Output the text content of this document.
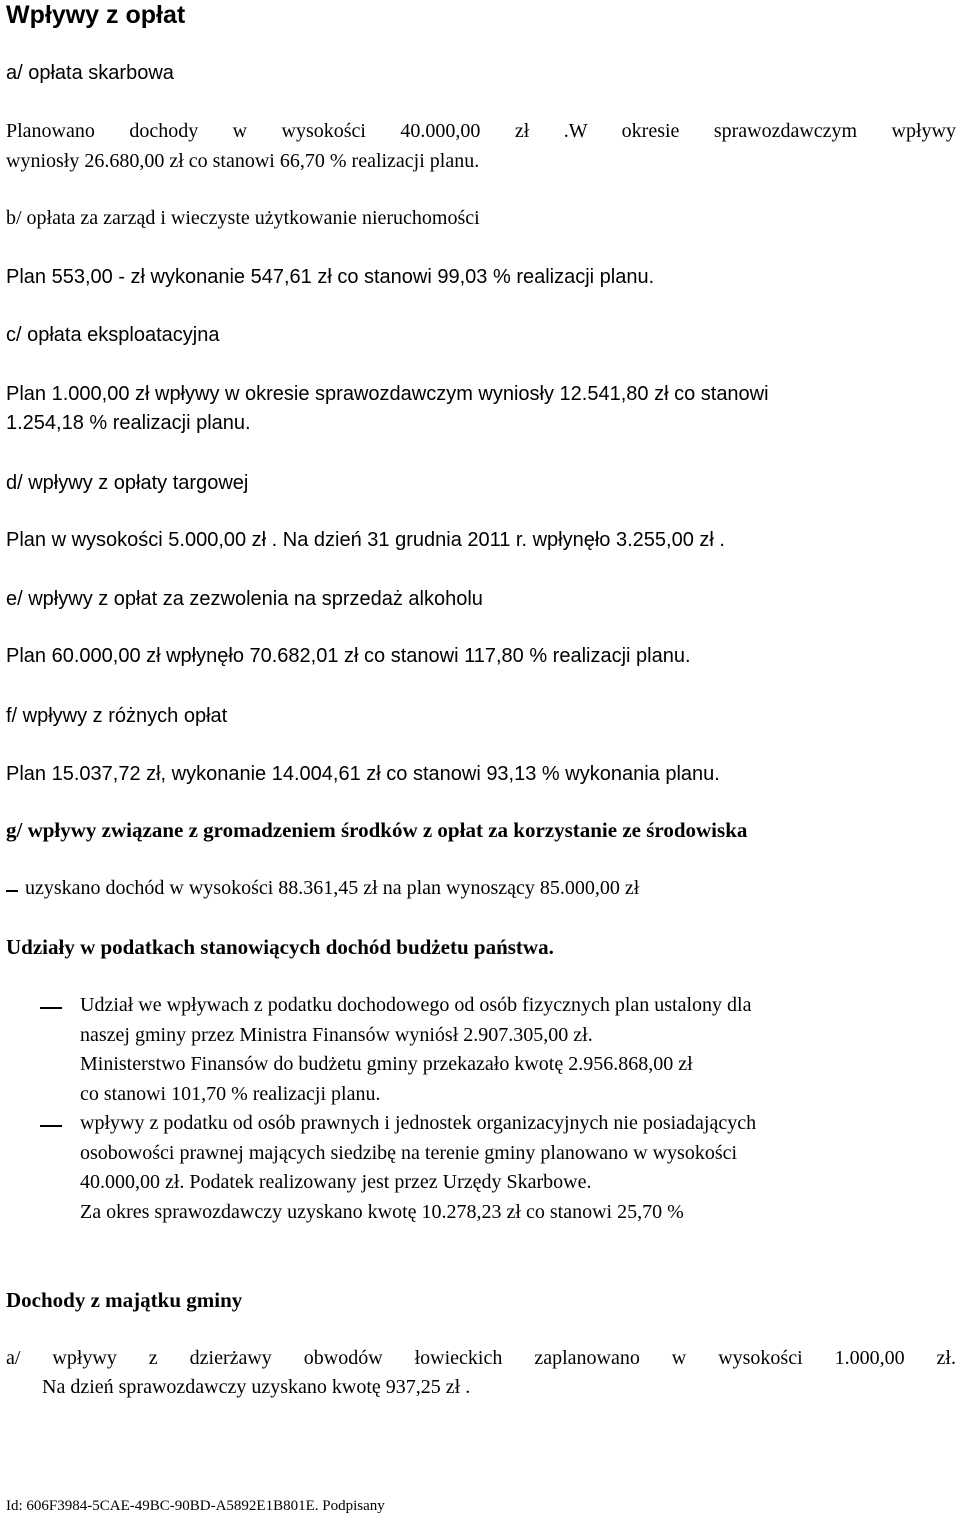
Wpływy z opłat
a/ opłata skarbowa
Planowano dochody w wysokości 40.000,00 zł .W okresie sprawozdawczym wpływy
wyniosły 26.680,00 zł co stanowi 66,70 % realizacji planu.
b/ opłata za zarząd i wieczyste użytkowanie nieruchomości
Plan 553,00 - zł wykonanie 547,61 zł co stanowi 99,03 % realizacji planu.
c/ opłata eksploatacyjna
Plan 1.000,00 zł wpływy w okresie sprawozdawczym wyniosły 12.541,80 zł co stanowi
1.254,18 % realizacji planu.
d/ wpływy z opłaty targowej
Plan w wysokości 5.000,00 zł . Na dzień 31 grudnia 2011 r. wpłynęło 3.255,00 zł .
e/ wpływy z opłat za zezwolenia na sprzedaż alkoholu
Plan 60.000,00 zł wpłynęło 70.682,01 zł co stanowi 117,80 % realizacji planu.
f/ wpływy z różnych opłat
Plan 15.037,72 zł, wykonanie 14.004,61 zł co stanowi 93,13 % wykonania planu.
g/ wpływy związane z gromadzeniem środków z opłat za korzystanie ze środowiska
uzyskano dochód w wysokości 88.361,45 zł na plan wynoszący 85.000,00 zł
Udziały w podatkach stanowiących dochód budżetu państwa.
Udział we wpływach z podatku dochodowego od osób fizycznych plan ustalony dla
naszej gminy przez Ministra Finansów wyniósł 2.907.305,00 zł.
Ministerstwo Finansów do budżetu gminy przekazało kwotę 2.956.868,00 zł
co stanowi 101,70 % realizacji planu.
wpływy z podatku od osób prawnych i jednostek organizacyjnych nie posiadających
osobowości prawnej mających siedzibę na terenie gminy planowano w wysokości
40.000,00 zł. Podatek realizowany jest przez Urzędy Skarbowe.
Za okres sprawozdawczy uzyskano kwotę 10.278,23 zł co stanowi 25,70 %
Dochody z majątku gminy
a/ wpływy z dzierżawy obwodów łowieckich zaplanowano w wysokości 1.000,00 zł.
Na dzień sprawozdawczy uzyskano kwotę 937,25 zł .
Id: 606F3984-5CAE-49BC-90BD-A5892E1B801E. Podpisany
